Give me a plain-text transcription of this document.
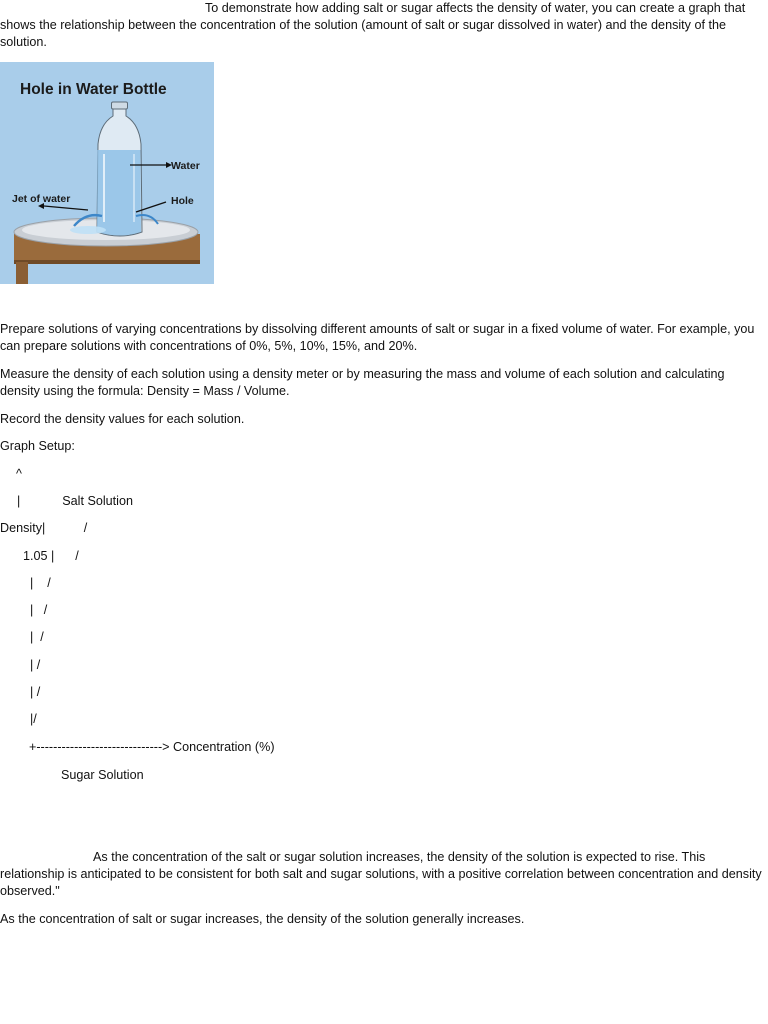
To demonstrate how adding salt or sugar affects the density of water, you can create a graph that shows the relationship between the concentration of the solution (amount of salt or sugar dissolved in water) and the density of the solution.

Hole in Water Bottle
Water
Hole
Jet of water

Prepare solutions of varying concentrations by dissolving different amounts of salt or sugar in a fixed volume of water. For example, you can prepare solutions with concentrations of 0%, 5%, 10%, 15%, and 20%.

Measure the density of each solution using a density meter or by measuring the mass and volume of each solution and calculating density using the formula: Density = Mass / Volume.

Record the density values for each solution.

Graph Setup:

^
|            Salt Solution
Density|           /
1.05 |      /
|    /
|   /
|  /
| /
| /
|/
+------------------------------> Concentration (%)
Sugar Solution

As the concentration of the salt or sugar solution increases, the density of the solution is expected to rise. This relationship is anticipated to be consistent for both salt and sugar solutions, with a positive correlation between concentration and density observed."

As the concentration of salt or sugar increases, the density of the solution generally increases.
